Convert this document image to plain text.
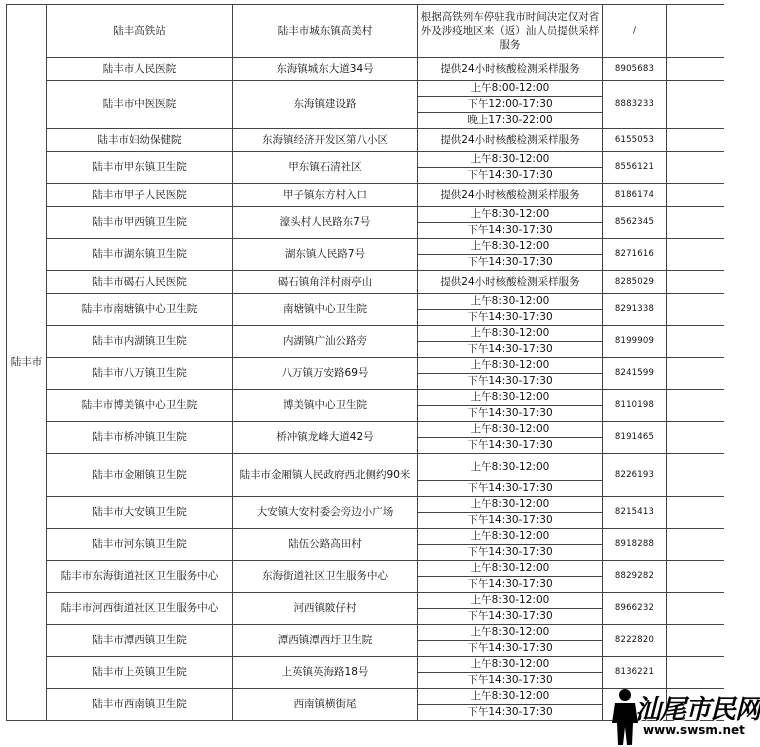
陆丰市	陆丰高铁站	陆丰市城东镇高美村	根据高铁列车停驻我市时间决定仅对省外及涉疫地区来（返）汕人员提供采样服务	/	
	陆丰市人民医院	东海镇城东大道34号	提供24小时核酸检测采样服务	8905683	
	陆丰市中医医院	东海镇建设路	上午8:00-12:00	8883233	
			下午12:00-17:30		
			晚上17:30-22:00		
	陆丰市妇幼保健院	东海镇经济开发区第八小区	提供24小时核酸检测采样服务	6155053	
	陆丰市甲东镇卫生院	甲东镇石清社区	上午8:30-12:00	8556121	
			下午14:30-17:30		
	陆丰市甲子人民医院	甲子镇东方村入口	提供24小时核酸检测采样服务	8186174	
	陆丰市甲西镇卫生院	濠头村人民路东7号	上午8:30-12:00	8562345	
			下午14:30-17:30		
	陆丰市湖东镇卫生院	湖东镇人民路7号	上午8:30-12:00	8271616	
			下午14:30-17:30		
	陆丰市碣石人民医院	碣石镇角洋村雨亭山	提供24小时核酸检测采样服务	8285029	
	陆丰市南塘镇中心卫生院	南塘镇中心卫生院	上午8:30-12:00	8291338	
			下午14:30-17:30		
	陆丰市内湖镇卫生院	内湖镇广汕公路旁	上午8:30-12:00	8199909	
			下午14:30-17:30		
	陆丰市八万镇卫生院	八万镇万安路69号	上午8:30-12:00	8241599	
			下午14:30-17:30		
	陆丰市博美镇中心卫生院	博美镇中心卫生院	上午8:30-12:00	8110198	
			下午14:30-17:30		
	陆丰市桥冲镇卫生院	桥冲镇龙峰大道42号	上午8:30-12:00	8191465	
			下午14:30-17:30		
	陆丰市金厢镇卫生院	陆丰市金厢镇人民政府西北侧约90米	上午8:30-12:00	8226193	
			下午14:30-17:30		
	陆丰市大安镇卫生院	大安镇大安村委会旁边小广场	上午8:30-12:00	8215413	
			下午14:30-17:30		
	陆丰市河东镇卫生院	陆伍公路高田村	上午8:30-12:00	8918288	
			下午14:30-17:30		
	陆丰市东海街道社区卫生服务中心	东海街道社区卫生服务中心	上午8:30-12:00	8829282	
			下午14:30-17:30		
	陆丰市河西街道社区卫生服务中心	河西镇陂仔村	上午8:30-12:00	8966232	
			下午14:30-17:30		
	陆丰市潭西镇卫生院	潭西镇潭西圩卫生院	上午8:30-12:00	8222820	
			下午14:30-17:30		
	陆丰市上英镇卫生院	上英镇英海路18号	上午8:30-12:00	8136221	
			下午14:30-17:30		
	陆丰市西南镇卫生院	西南镇横街尾	上午8:30-12:00		
			下午14:30-17:30			汕尾市民网
www.swsm.net
